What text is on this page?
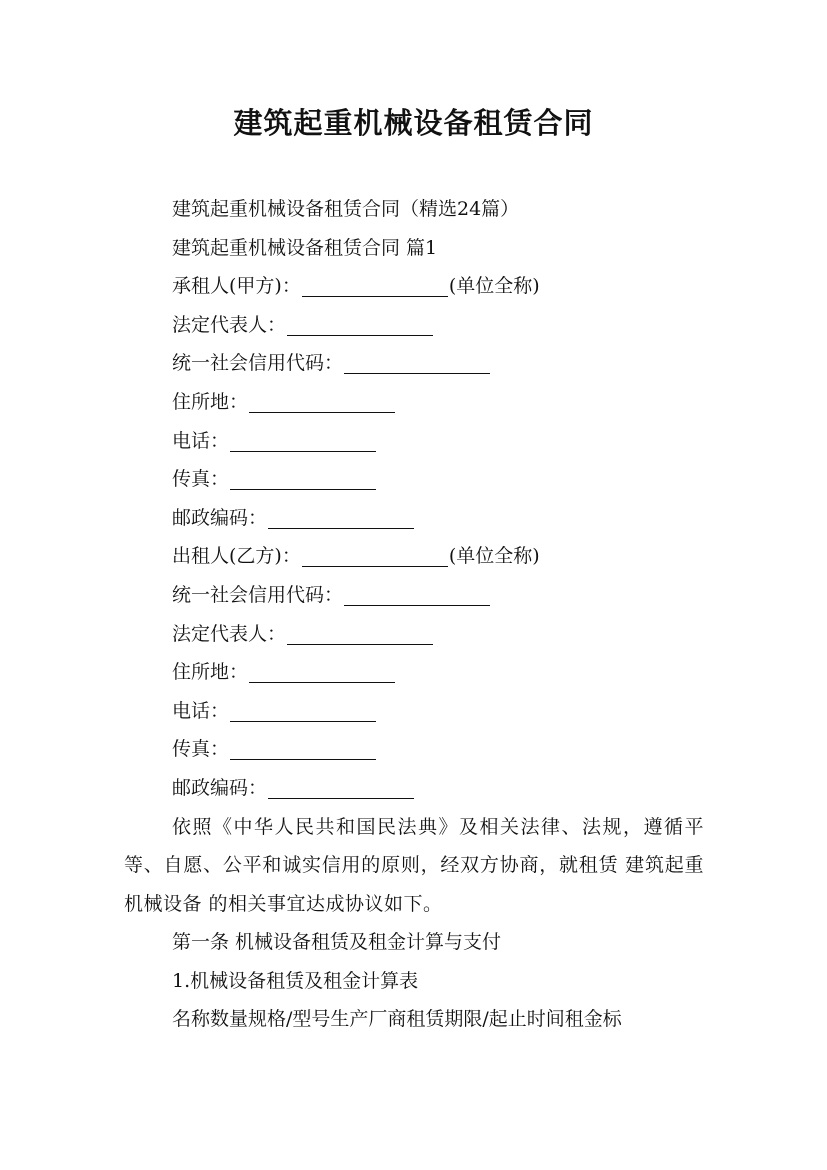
建筑起重机械设备租赁合同
建筑起重机械设备租赁合同（精选24篇）
建筑起重机械设备租赁合同 篇1
承租人(甲方)：	(单位全称)
法定代表人：
统一社会信用代码：
住所地：
电话：
传真：
邮政编码：
出租人(乙方)：	(单位全称)
统一社会信用代码：
法定代表人：
住所地：
电话：
传真：
邮政编码：
依照《中华人民共和国民法典》及相关法律、法规，遵循平等、自愿、公平和诚实信用的原则，经双方协商，就租赁 建筑起重机械设备 的相关事宜达成协议如下。
第一条 机械设备租赁及租金计算与支付
1.机械设备租赁及租金计算表
名称数量规格/型号生产厂商租赁期限/起止时间租金标
